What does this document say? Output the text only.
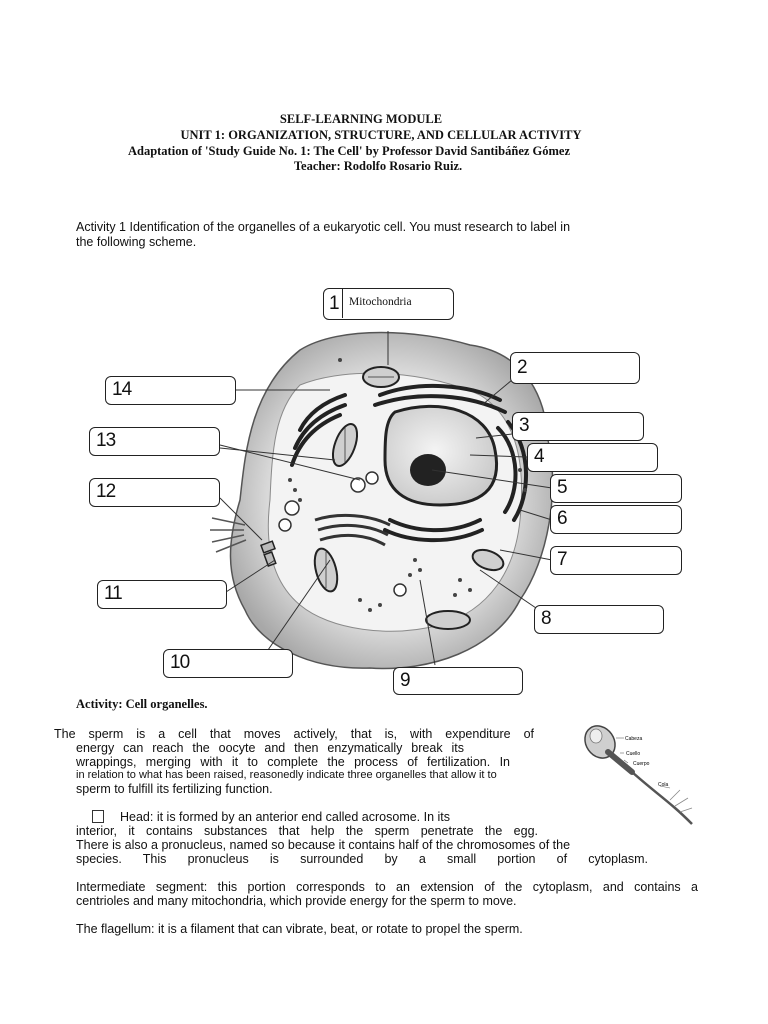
SELF-LEARNING MODULE
UNIT 1: ORGANIZATION, STRUCTURE, AND CELLULAR ACTIVITY
Adaptation of 'Study Guide No. 1: The Cell' by Professor David Santibáñez Gómez
Teacher: Rodolfo Rosario Ruiz.
Activity 1 Identification of the organelles of a eukaryotic cell. You must research to label in
the following scheme.
1 Mitochondria
2
3
4
5
6
7
8
9
10
11
12
13
14
Activity: Cell organelles.
The sperm is a cell that moves actively, that is, with expenditure of
energy can reach the oocyte and then enzymatically break its
wrappings, merging with it to complete the process of fertilization. In
in relation to what has been raised, reasonedly indicate three organelles that allow it to
sperm to fulfill its fertilizing function.
Head: it is formed by an anterior end called acrosome. In its
interior, it contains substances that help the sperm penetrate the egg.
There is also a pronucleus, named so because it contains half of the chromosomes of the
species. This pronucleus is surrounded by a small portion of cytoplasm.
Intermediate segment: this portion corresponds to an extension of the cytoplasm, and contains a
centrioles and many mitochondria, which provide energy for the sperm to move.
The flagellum: it is a filament that can vibrate, beat, or rotate to propel the sperm.
Cabeza
Cuello
Cuerpo
Cola
